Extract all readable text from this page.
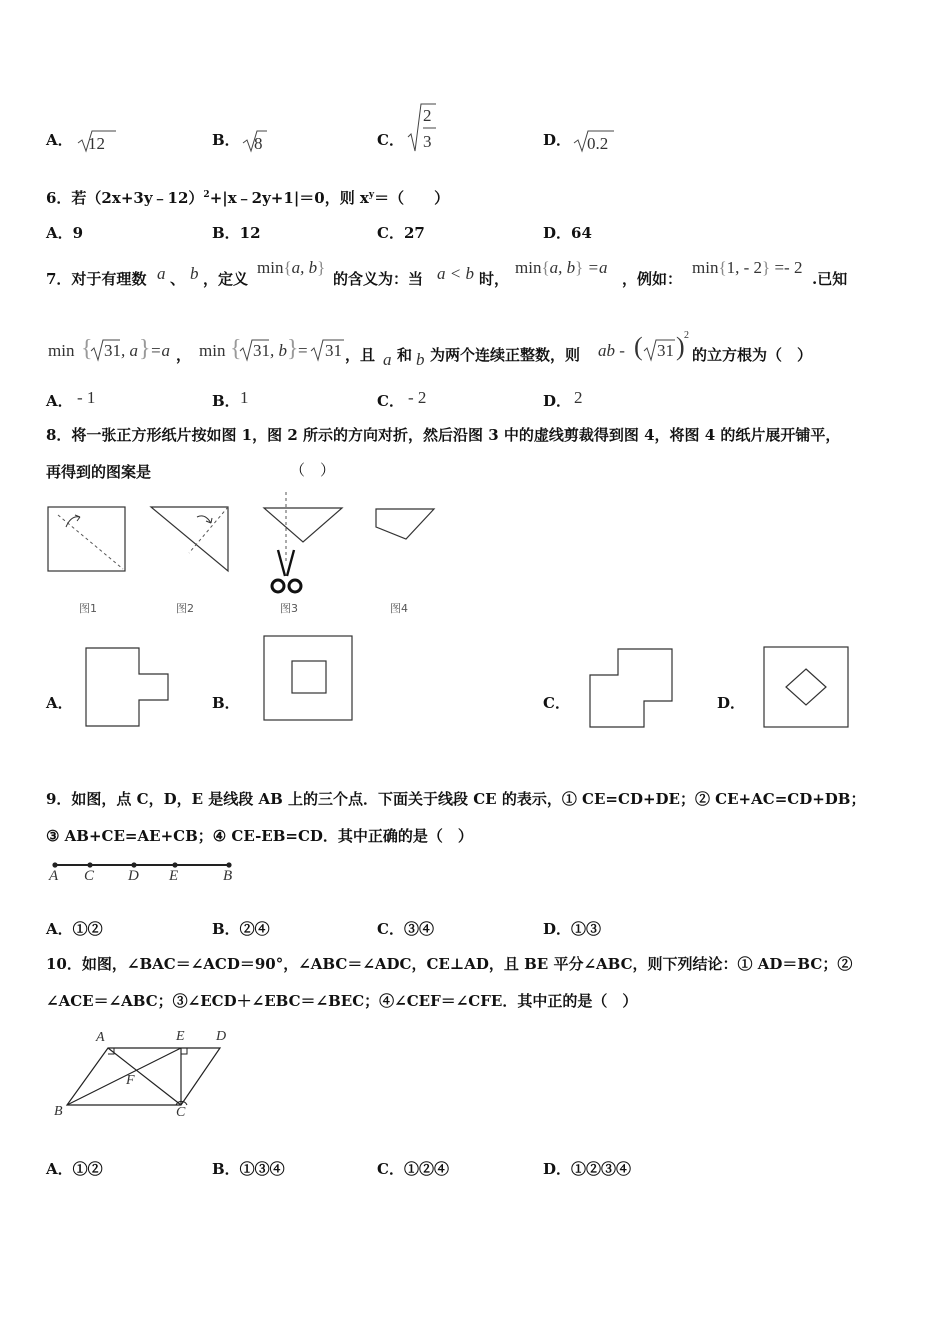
A． 12	B． 8	C．
2
3	D． 0.2
6．若（2x+3y﹣12）$^2$+|x﹣2y+1|＝0，则 $x^y=$（　　）
A．9	B．12	C．27	D．64
7．对于有理数 a 、 b ，定义
min{a, b}
的含义为：当 a < b 时，
min{a, b} =a
，例如：
min{1, - 2} =- 2
.已知
min { 31 , a } =a ， min { 31 , b } = 31 ，且 a 和 b 为两个连续正整数，则 ab - ( 31 ) 2
的立方根为（　）
A． - 1	B． 1	C． - 2	D． 2
8．将一张正方形纸片按如图 1，图 2 所示的方向对折，然后沿图 3 中的虚线剪裁得到图 4，将图 4 的纸片展开铺平，
再得到的图案是	（　）
图1	图2	图3	图4
A．	B．	C．	D．
9．如图，点 C，D，E 是线段 AB 上的三个点．下面关于线段 CE 的表示，① CE=CD+DE；② CE+AC=CD+DB；
③ AB+CE=AE+CB；④ CE-EB=CD．其中正确的是（　）
A C D E	B
A．①②	B．②④	C．③④	D．①③
10．如图，∠BAC＝∠ACD＝90°，∠ABC＝∠ADC，CE⊥AD，且 BE 平分∠ABC，则下列结论：① AD＝BC；②
∠ACE＝∠ABC；③∠ECD＋∠EBC＝∠BEC；④∠CEF＝∠CFE．其中正的是（　）
A	E D
B	C
F
A．①②	B．①③④	C．①②④	D．①②③④
